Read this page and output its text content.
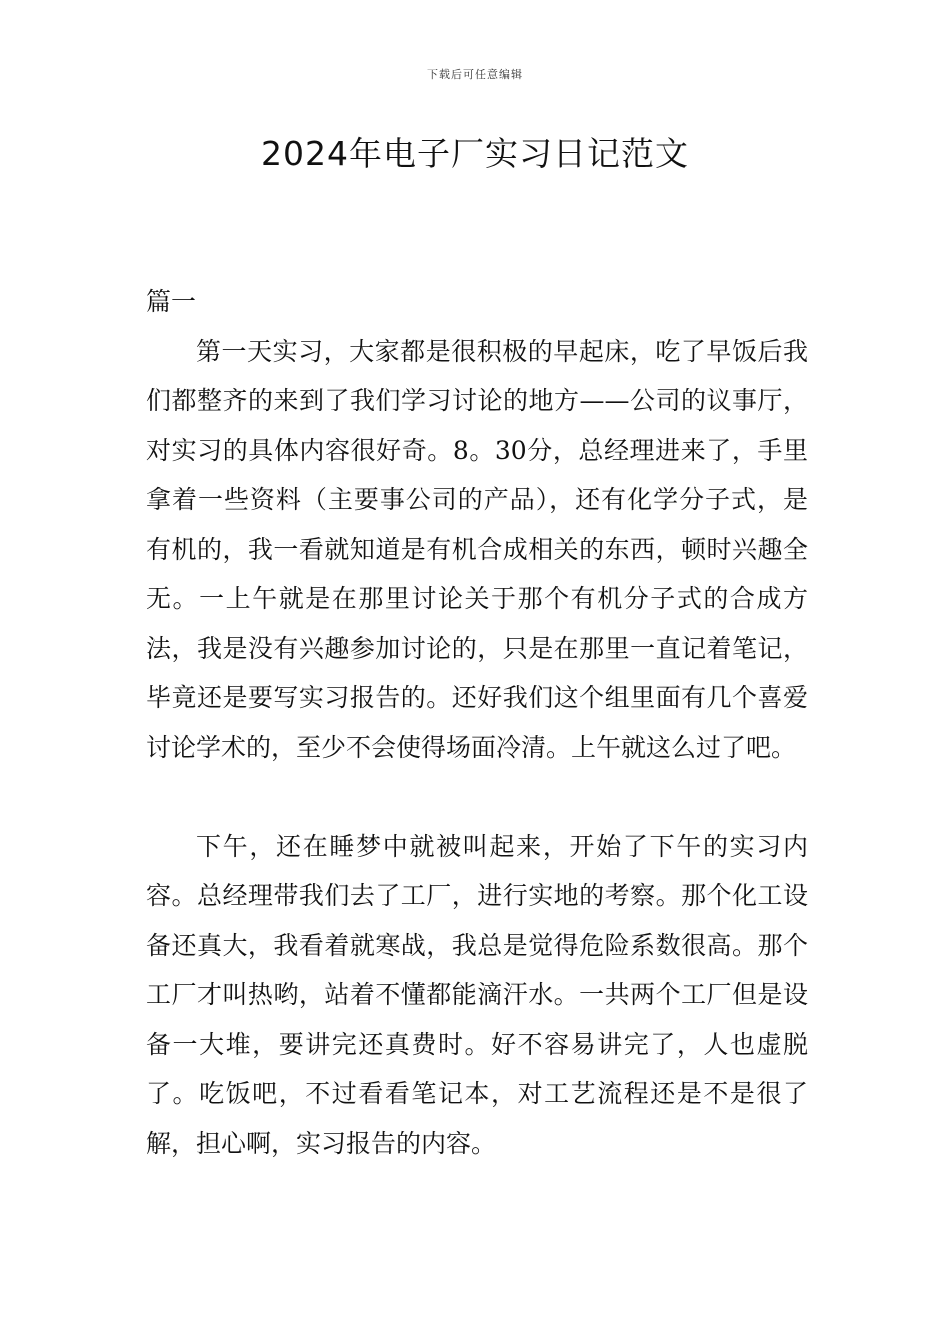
下载后可任意编辑
2024年电子厂实习日记范文

篇一

第一天实习，大家都是很积极的早起床，吃了早饭后我们都整齐的来到了我们学习讨论的地方——公司的议事厅，对实习的具体内容很好奇。8。30分，总经理进来了，手里拿着一些资料（主要事公司的产品），还有化学分子式，是有机的，我一看就知道是有机合成相关的东西，顿时兴趣全无。一上午就是在那里讨论关于那个有机分子式的合成方法，我是没有兴趣参加讨论的，只是在那里一直记着笔记，毕竟还是要写实习报告的。还好我们这个组里面有几个喜爱讨论学术的，至少不会使得场面冷清。上午就这么过了吧。

下午，还在睡梦中就被叫起来，开始了下午的实习内容。总经理带我们去了工厂，进行实地的考察。那个化工设备还真大，我看着就寒战，我总是觉得危险系数很高。那个工厂才叫热哟，站着不懂都能滴汗水。一共两个工厂但是设备一大堆，要讲完还真费时。好不容易讲完了，人也虚脱了。吃饭吧，不过看看笔记本，对工艺流程还是不是很了解，担心啊，实习报告的内容。
